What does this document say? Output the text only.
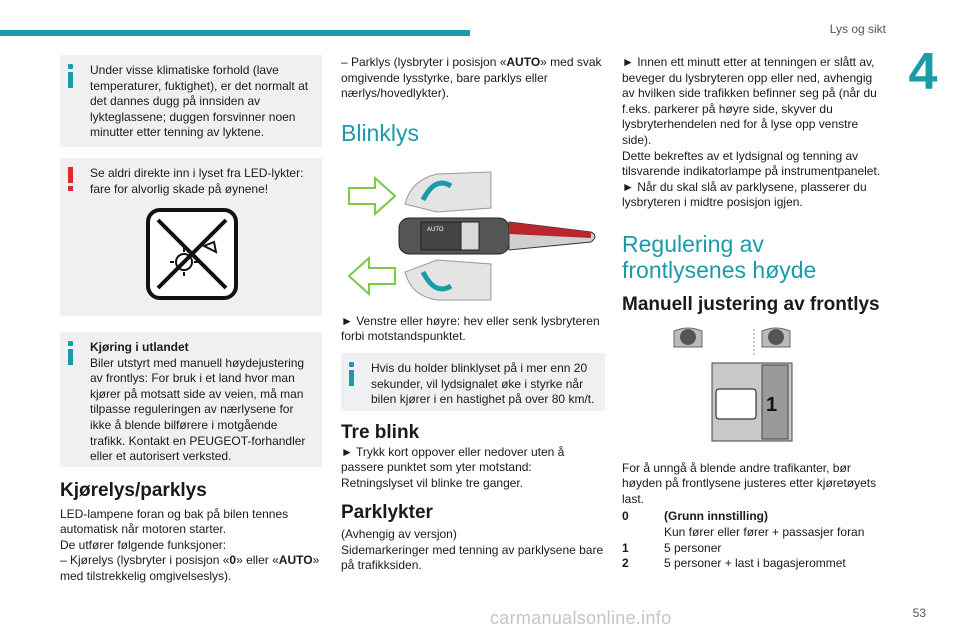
Lys og sikt
4
Under visse klimatiske forhold (lave temperaturer, fuktighet), er det normalt at det dannes dugg på innsiden av lykteglassene; duggen forsvinner noen minutter etter tenning av lyktene.
Se aldri direkte inn i lyset fra LED-lykter: fare for alvorlig skade på øynene!
Kjøring i utlandet
Biler utstyrt med manuell høydejustering av frontlys: For bruk i et land hvor man kjører på motsatt side av veien, må man tilpasse reguleringen av nærlysene for ikke å blende bilførere i motgående trafikk. Kontakt en PEUGEOT-forhandler eller et autorisert verksted.
Kjørelys/parklys
LED-lampene foran og bak på bilen tennes automatisk når motoren starter.
De utfører følgende funksjoner:
– Kjørelys (lysbryter i posisjon «0» eller «AUTO» med tilstrekkelig omgivelseslys).
– Parklys (lysbryter i posisjon «AUTO» med svak omgivende lysstyrke, bare parklys eller nærlys/hovedlykter).
Blinklys
AUTO
► Venstre eller høyre: hev eller senk lysbryteren forbi motstandspunktet.
Hvis du holder blinklyset på i mer enn 20 sekunder, vil lydsignalet øke i styrke når bilen kjører i en hastighet på over 80 km/t.
Tre blink
► Trykk kort oppover eller nedover uten å passere punktet som yter motstand: Retningslyset vil blinke tre ganger.
Parklykter
(Avhengig av versjon)
Sidemarkeringer med tenning av parklysene bare på trafikksiden.
► Innen ett minutt etter at tenningen er slått av, beveger du lysbryteren opp eller ned, avhengig av hvilken side trafikken befinner seg på (når du f.eks. parkerer på høyre side, skyver du lysbryterhendelen ned for å lyse opp venstre side).
Dette bekreftes av et lydsignal og tenning av tilsvarende indikatorlampe på instrumentpanelet.
► Når du skal slå av parklysene, plasserer du lysbryteren i midtre posisjon igjen.
Regulering av
frontlysenes høyde
Manuell justering av frontlys
1
For å unngå å blende andre trafikanter, bør høyden på frontlysene justeres etter kjøretøyets last.
0	(Grunn innstilling)
Kun fører eller fører + passasjer foran
1	5 personer
2	5 personer + last i bagasjerommet
carmanualsonline.info	53
